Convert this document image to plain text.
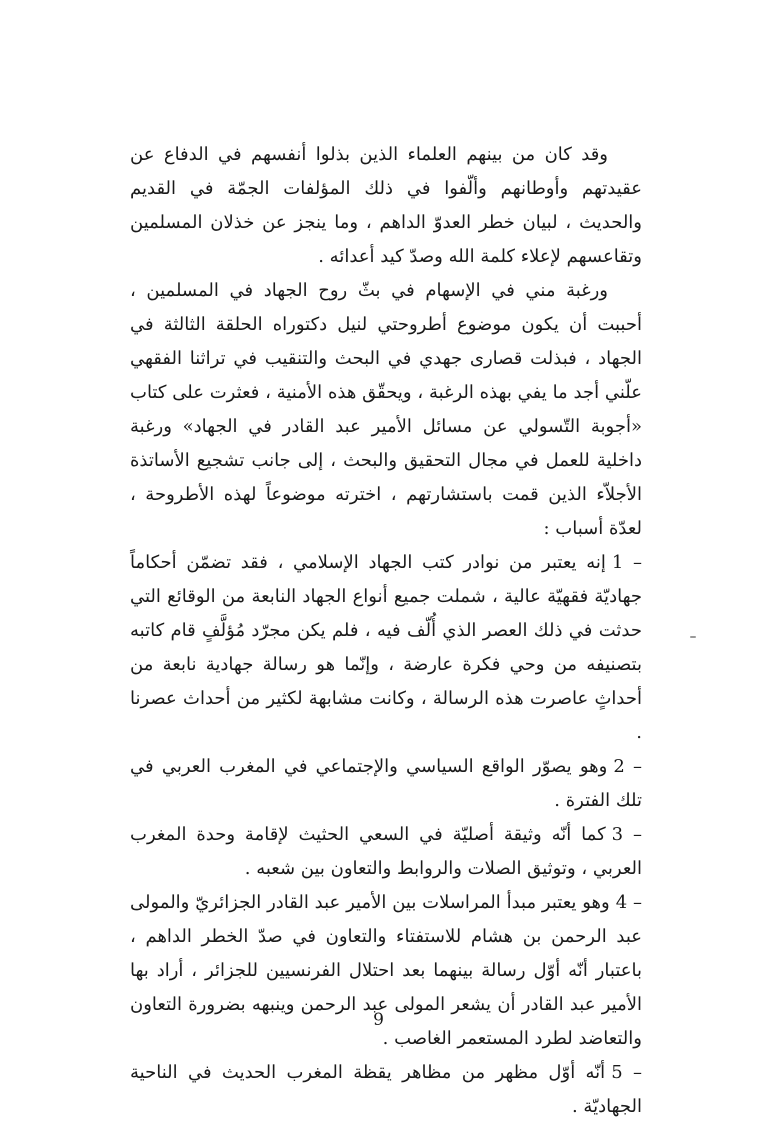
وقد كان من بينهم العلماء الذين بذلوا أنفسهم في الدفاع عن عقيدتهم وأوطانهم وألّفوا في ذلك المؤلفات الجمّة في القديم والحديث ، لبيان خطر العدوّ الداهم ، وما ينجز عن خذلان المسلمين وتقاعسهم لإعلاء كلمة الله وصدّ كيد أعدائه .

ورغبة مني في الإسهام في بثّ روح الجهاد في المسلمين ، أحببت أن يكون موضوع أطروحتي لنيل دكتوراه الحلقة الثالثة في الجهاد ، فبذلت قصارى جهدي في البحث والتنقيب في تراثنا الفقهي علّني أجد ما يفي بهذه الرغبة ، ويحقّق هذه الأمنية ، فعثرت على كتاب «أجوبة التّسولي عن مسائل الأمير عبد القادر في الجهاد» ورغبة داخلية للعمل في مجال التحقيق والبحث ، إلى جانب تشجيع الأساتذة الأجلاّء الذين قمت باستشارتهم ، اخترته موضوعاً لهذه الأطروحة ، لعدّة أسباب :

1 –إنه يعتبر من نوادر كتب الجهاد الإسلامي ، فقد تضمّن أحكاماً جهاديّة فقهيّة عالية ، شملت جميع أنواع الجهاد النابعة من الوقائع التي حدثت في ذلك العصر الذي أُلّف فيه ، فلم يكن مجرّد مُؤلَّفٍ قام كاتبه بتصنيفه من وحي فكرة عارضة ، وإنّما هو رسالة جهادية نابعة من أحداثٍ عاصرت هذه الرسالة ، وكانت مشابهة لكثير من أحداث عصرنا .
2 –وهو يصوّر الواقع السياسي والإجتماعي في المغرب العربي في تلك الفترة .
3 –كما أنّه وثيقة أصليّة في السعي الحثيث لإقامة وحدة المغرب العربي ، وتوثيق الصلات والروابط والتعاون بين شعبه .
4 –وهو يعتبر مبدأ المراسلات بين الأمير عبد القادر الجزائريّ والمولى عبد الرحمن بن هشام للاستفتاء والتعاون في صدّ الخطر الداهم ، باعتبار أنّه أوّل رسالة بينهما بعد احتلال الفرنسيين للجزائر ، أراد بها الأمير عبد القادر أن يشعر المولى عبد الرحمن وينبهه بضرورة التعاون والتعاضد لطرد المستعمر الغاصب .
5 –أنّه أوّل مظهر من مظاهر يقظة المغرب الحديث في الناحية الجهاديّة .
9
